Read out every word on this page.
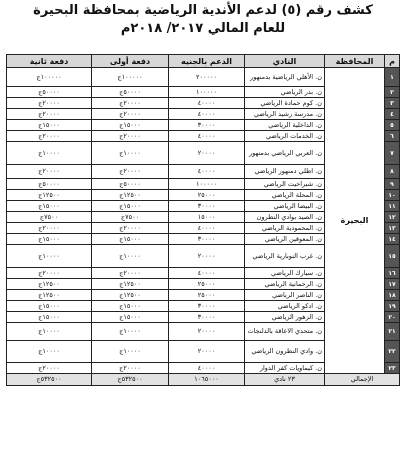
كشف رقم (٥) لدعم الأندية الرياضية بمحافظة البحيرة
للعام المالي ٢٠١٧/ ٢٠١٨م
م	المحافظة	النادي	الدعم بالجنيه	دفعة أولى	دفعة ثانية
١	البحيرة	ن. الأهلي الرياضية بدمنهور	٢٠٠٠٠٠	١٠٠٠٠٠ج	١٠٠٠٠٠ج
٢		ن. بدر الرياضي	١٠٠٠٠٠	٥٠٠٠٠ج	٥٠٠٠٠ج
٣		ن. كوم حمادة الرياضي	٤٠٠٠٠	٢٠٠٠٠ج	٢٠٠٠٠ج
٤		ن. مدرسة رشيد الرياضي	٤٠٠٠٠	٢٠٠٠٠ج	٢٠٠٠٠ج
٥		ن. الداخلية الرياضي	٣٠٠٠٠	١٥٠٠٠ج	١٥٠٠٠ج
٦		ن. الخدمات الرياضي	٤٠٠٠٠	٢٠٠٠٠ج	٢٠٠٠٠ج
٧		ن. العربي الرياضي بدمنهور	٢٠٠٠٠	١٠٠٠٠ج	١٠٠٠٠ج
٨		ن. اطلي دمنهور الرياضي	٤٠٠٠٠	٢٠٠٠٠ج	٢٠٠٠٠ج
٩		ن. شبراخيت الرياضي	١٠٠٠٠٠	٥٠٠٠٠ج	٥٠٠٠٠ج
١٠		ن. المحلة الرياضي	٢٥٠٠٠	١٢٥٠٠ج	١٢٥٠٠ج
١١		ن. البيضا الرياضي	٣٠٠٠٠	١٥٠٠٠ج	١٥٠٠٠ج
١٢		ن. الصيد بوادي النطرون	١٥٠٠٠	٧٥٠٠ج	٧٥٠٠ج
١٣		ن. المحمودية الرياضي	٤٠٠٠٠	٢٠٠٠٠ج	٢٠٠٠٠ج
١٤		ن. المعوقين الرياضي	٣٠٠٠٠	١٥٠٠٠ج	١٥٠٠٠ج
١٥		ن. غرب النوبارية الرياضي	٢٠٠٠٠	١٠٠٠٠ج	١٠٠٠٠ج
١٦		ن. سيارك الرياضي	٤٠٠٠٠	٢٠٠٠٠ج	٢٠٠٠٠ج
١٧		ن. الرحمانية الرياضي	٢٥٠٠٠	١٢٥٠٠ج	١٢٥٠٠ج
١٨		ن. الناصر الرياضي	٢٥٠٠٠	١٢٥٠٠ج	١٢٥٠٠ج
١٩		ن. ادكو الرياضي	٣٠٠٠٠	١٥٠٠٠ج	١٥٠٠٠ج
٢٠		ن. الزهور الرياضي	٣٠٠٠٠	١٥٠٠٠ج	١٥٠٠٠ج
٢١		ن. متحدي الاعاقة بالدلنجات	٢٠٠٠٠	١٠٠٠٠ج	١٠٠٠٠ج
٢٢		ن. وادي النطرون الرياضي	٢٠٠٠٠	١٠٠٠٠ج	١٠٠٠٠ج
٢٣		ن. كيماويات كفر الدوار	٤٠٠٠٠	٢٠٠٠٠ج	٢٠٠٠٠ج
الإجمالي		٢٣ نادي	١٠٦٥٠٠٠	٥٣٢٥٠٠ج	٥٣٢٥٠٠ج
